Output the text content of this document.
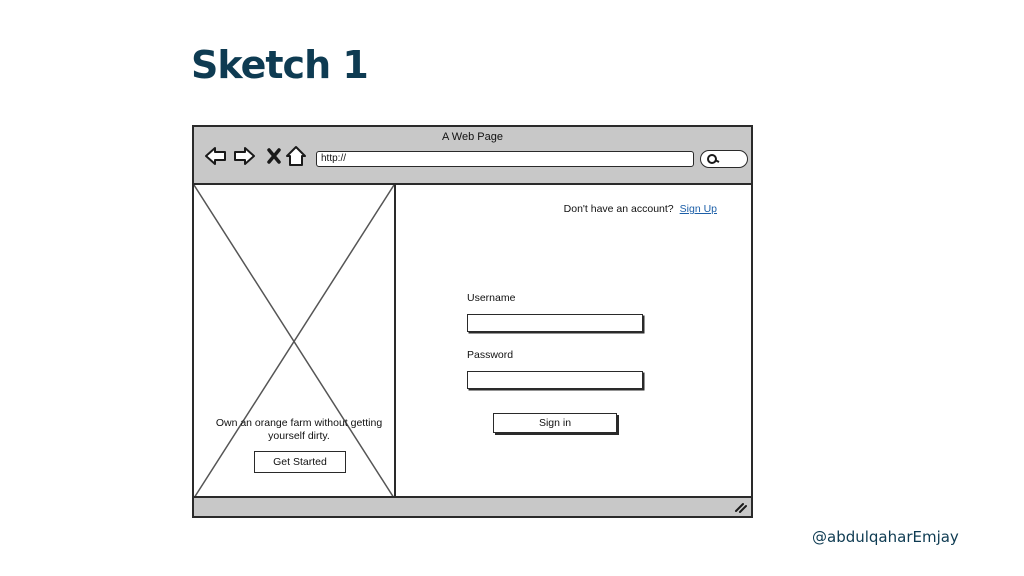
Sketch 1
A Web Page
http://
Own an orange farm without getting yourself dirty.
Get Started
Don't have an account? Sign Up
Username
Password
Sign in
@abdulqaharEmjay
